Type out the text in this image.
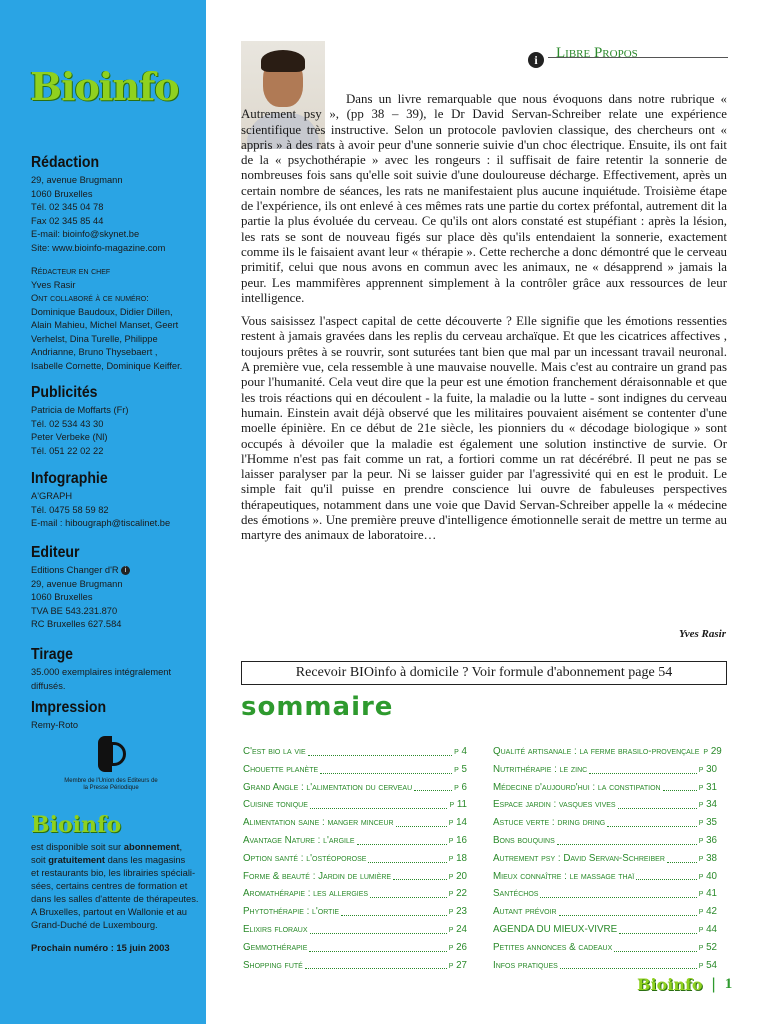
Bioinfo
Rédaction
29, avenue Brugmann
1060 Bruxelles
Tél. 02 345 04 78
Fax 02 345 85 44
E-mail: bioinfo@skynet.be
Site: www.bioinfo-magazine.com
Rédacteur en chef
Yves Rasir
Ont collaboré à ce numéro:
Dominique Baudoux, Didier Dillen,
Alain Mahieu, Michel Manset, Geert
Verhelst, Dina Turelle, Philippe
Andrianne, Bruno Thysebaert ,
Isabelle Cornette, Dominique Keiffer.
Publicités
Patricia de Moffarts (Fr)
Tél. 02 534 43 30
Peter Verbeke (Nl)
Tél. 051 22 02 22
Infographie
A'GRAPH
Tél. 0475 58 59 82
E-mail : hibougraph@tiscalinet.be
Editeur
Editions Changer d'R i
29, avenue Brugmann
1060 Bruxelles
TVA BE 543.231.870
RC Bruxelles 627.584
Tirage
35.000 exemplaires intégralement
diffusés.
Impression
Remy-Roto
Membre de l'Union des Editeurs de la Presse Périodique
Bioinfo
est disponible soit sur abonnement,
soit gratuitement dans les magasins
et restaurants bio, les librairies spéciali-
sées, certains centres de formation et
dans les salles d'attente de thérapeutes.
A Bruxelles, partout en Wallonie et au
Grand-Duché de Luxembourg.
Prochain numéro : 15 juin 2003
i	Libre Propos

Dans un livre remarquable que nous évoquons dans notre rubrique « Autrement psy », (pp 38 – 39), le Dr David Servan-Schreiber relate une expérience scientifique très instructive. Selon un protocole pavlovien classique, des chercheurs ont « appris » à des rats à avoir peur d'une sonnerie suivie d'un choc électrique. Ensuite, ils ont fait de la « psychothérapie » avec les rongeurs : il suffisait de faire retentir la sonnerie de nombreuses fois sans qu'elle soit suivie d'une douloureuse décharge. Effectivement, après un certain nombre de séances, les rats ne manifestaient plus aucune inquiétude. Troisième étape de l'expérience, ils ont enlevé à ces mêmes rats une partie du cortex préfontal, autrement dit la partie la plus évoluée du cerveau. Ce qu'ils ont alors constaté est stupéfiant : après la lésion, les rats se sont de nouveau figés sur place dès qu'ils entendaient la sonnerie, exactement comme ils le faisaient avant leur « thérapie ». Cette recherche a donc démontré que le cerveau primitif, celui que nous avons en commun avec les animaux, ne « désapprend » jamais la peur. Les mammifères apprennent simplement à la contrôler grâce aux ressources de leur intelligence.

Vous saisissez l'aspect capital de cette découverte ? Elle signifie que les émotions ressenties restent à jamais gravées dans les replis du cerveau archaïque. Et que les cicatrices affectives , toujours prêtes à se rouvrir, sont suturées tant bien que mal par un incessant travail neuronal. A première vue, cela ressemble à une mauvaise nouvelle. Mais c'est au contraire un grand pas pour l'humanité. Cela veut dire que la peur est une émotion franchement déraisonnable et que les trois réactions qui en découlent - la fuite, la maladie ou la lutte - sont indignes du cerveau humain. Einstein avait déjà observé que les militaires pouvaient aisément se contenter d'une moelle épinière. En ce début de 21e siècle, les pionniers du « décodage biologique » sont occupés à dévoiler que la maladie est également une solution instinctive de survie. Or l'Homme n'est pas fait comme un rat, a fortiori comme un rat décérébré. Il peut ne pas se laisser paralyser par la peur. Ni se laisser guider par l'agressivité qui en est le produit. Le simple fait qu'il puisse en prendre conscience lui ouvre de fabuleuses perspectives thérapeutiques, notamment dans une voie que David Servan-Schreiber appelle la « médecine des émotions ». Une première preuve d'intelligence émotionnelle serait de mettre un terme au martyre des animaux de laboratoire…

Yves Rasir
Recevoir BIOinfo à domicile ? Voir formule d'abonnement page 54
sommaire
C'est bio la vie	p 4
Chouette planète	p 5
Grand Angle : l'alimentation du cerveau	p 6
Cuisine tonique	p 11
Alimentation saine : manger minceur	p 14
Avantage Nature : l'argile	p 16
Option santé : l'ostéoporose	p 18
Forme & beauté : Jardin de lumière	p 20
Aromathérapie : les allergies	p 22
Phytothérapie : l'ortie	p 23
Elixirs floraux	p 24
Gemmothérapie	p 26
Shopping futé	p 27
Qualité artisanale : la ferme brasilo-provençale p 29
Nutrithérapie : le zinc	p 30
Médecine d'aujourd'hui : la constipation	p 31
Espace jardin : vasques vives	p 34
Astuce verte : dring dring	p 35
Bons bouquins	p 36
Autrement psy : David Servan-Schreiber	p 38
Mieux connaître : le massage thaï	p 40
Santéchos	p 41
Autant prévoir	p 42
AGENDA DU MIEUX-VIVRE	p 44
Petites annonces & cadeaux	p 52
Infos pratiques	p 54
Bioinfo | 1
